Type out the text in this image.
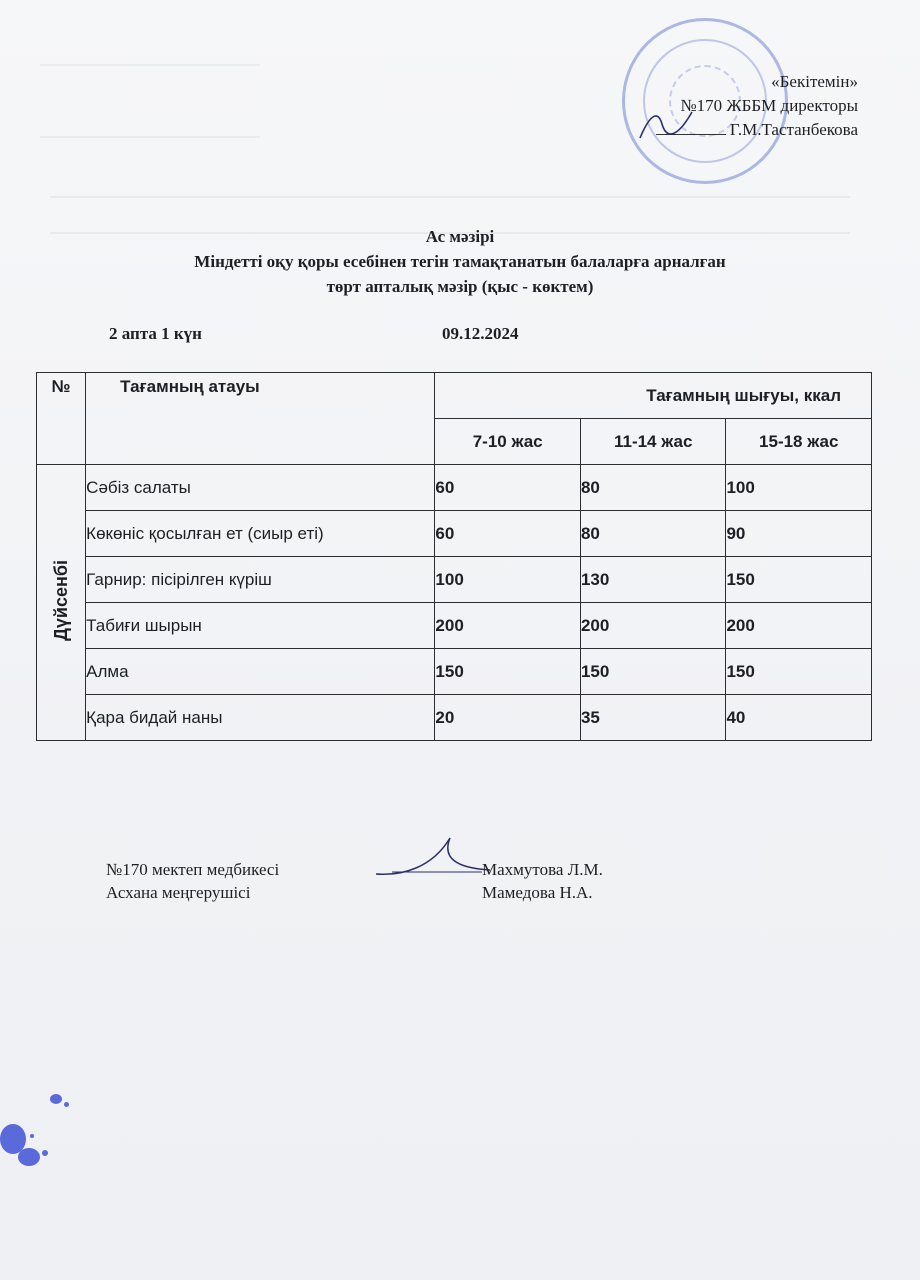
«Бекітемін»
№170 ЖББМ директоры
Г.М.Тастанбекова
Ас мәзірі
Міндетті оқу қоры есебінен тегін тамақтанатын балаларға арналған
төрт апталық мәзір (қыс - көктем)
2 апта 1 күн	09.12.2024
№	Тағамның атауы	Тағамның шығуы, ккал		
		7-10 жас	11-14 жас	15-18 жас
Дүйсенбі	Сәбіз салаты	60	80	100
	Көкөніс қосылған ет (сиыр еті)	60	80	90
	Гарнир: пісірілген күріш	100	130	150
	Табиғи шырын	200	200	200
	Алма	150	150	150
	Қара бидай наны	20	35	40
№170 мектеп медбикесі
Асхана меңгерушісі
Махмутова Л.М.
Мамедова Н.А.
